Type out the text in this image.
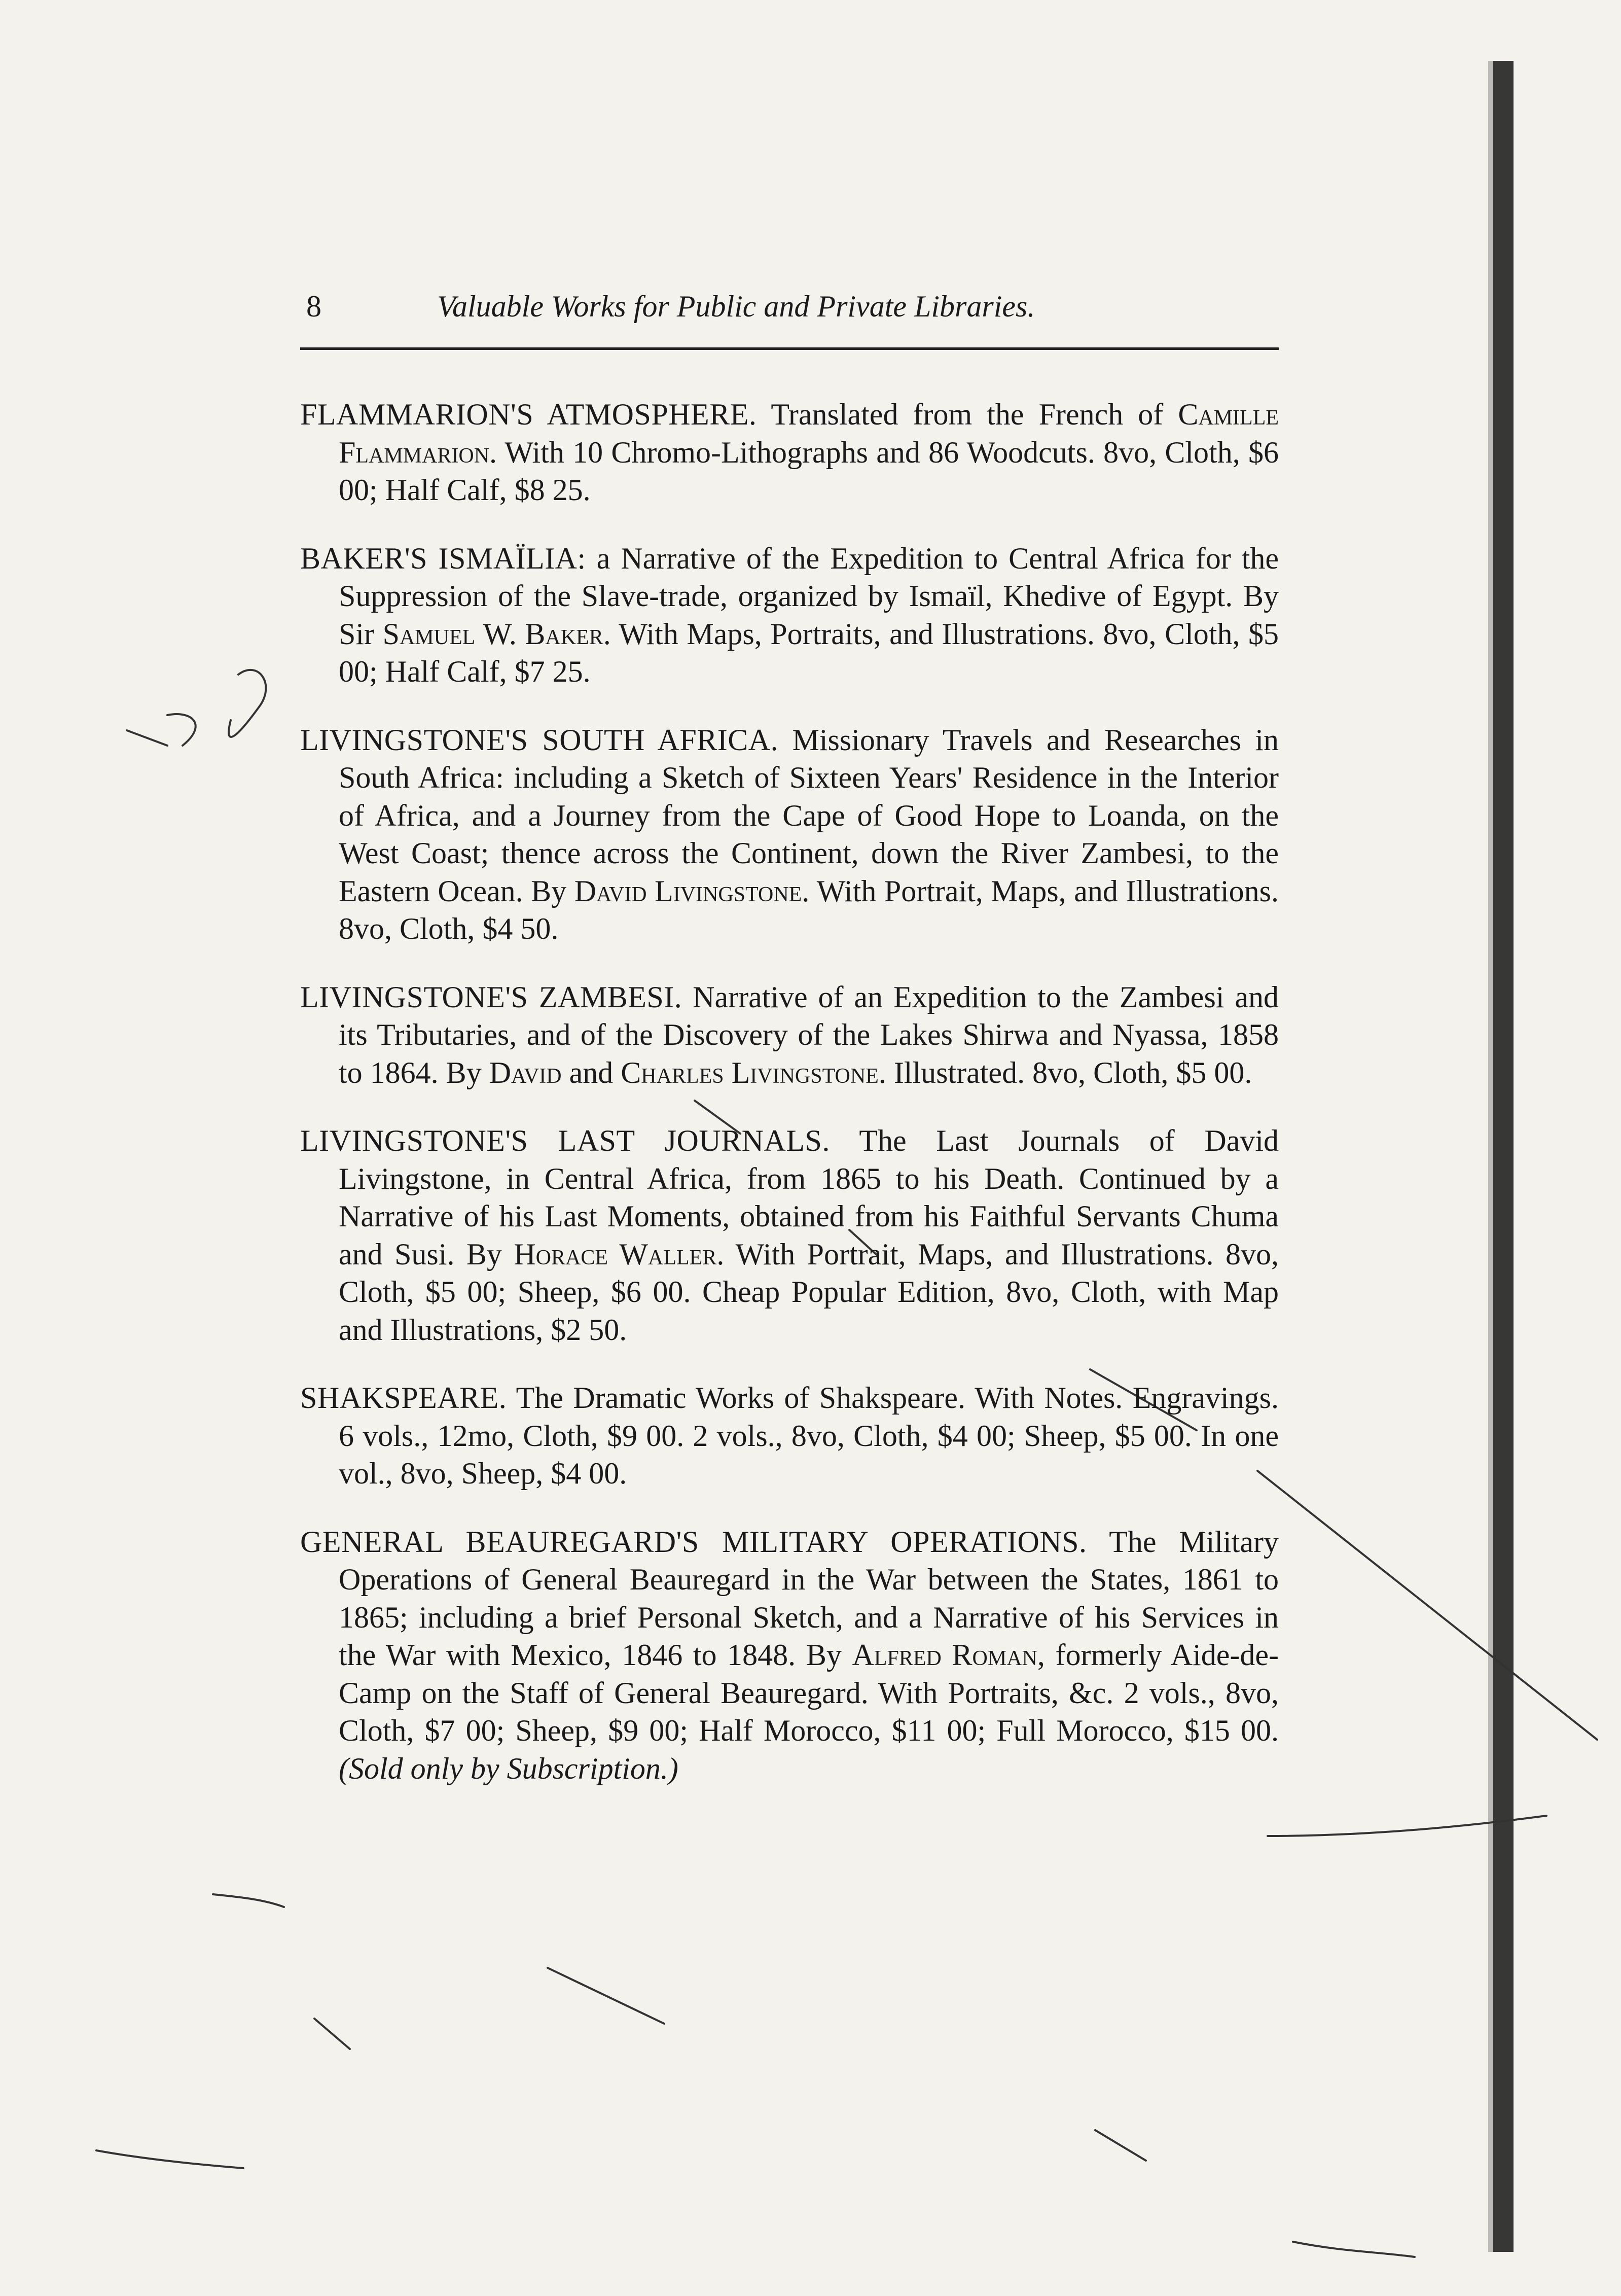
8	Valuable Works for Public and Private Libraries.

FLAMMARION'S ATMOSPHERE. Translated from the French of Camille Flammarion. With 10 Chromo-Lithographs and 86 Woodcuts. 8vo, Cloth, $6 00; Half Calf, $8 25.

BAKER'S ISMAÏLIA: a Narrative of the Expedition to Central Africa for the Suppression of the Slave-trade, organized by Ismaïl, Khedive of Egypt. By Sir Samuel W. Baker. With Maps, Portraits, and Illustrations. 8vo, Cloth, $5 00; Half Calf, $7 25.

LIVINGSTONE'S SOUTH AFRICA. Missionary Travels and Researches in South Africa: including a Sketch of Sixteen Years' Residence in the Interior of Africa, and a Journey from the Cape of Good Hope to Loanda, on the West Coast; thence across the Continent, down the River Zambesi, to the Eastern Ocean. By David Livingstone. With Portrait, Maps, and Illustrations. 8vo, Cloth, $4 50.

LIVINGSTONE'S ZAMBESI. Narrative of an Expedition to the Zambesi and its Tributaries, and of the Discovery of the Lakes Shirwa and Nyassa, 1858 to 1864. By David and Charles Livingstone. Illustrated. 8vo, Cloth, $5 00.

LIVINGSTONE'S LAST JOURNALS. The Last Journals of David Livingstone, in Central Africa, from 1865 to his Death. Continued by a Narrative of his Last Moments, obtained from his Faithful Servants Chuma and Susi. By Horace Waller. With Portrait, Maps, and Illustrations. 8vo, Cloth, $5 00; Sheep, $6 00. Cheap Popular Edition, 8vo, Cloth, with Map and Illustrations, $2 50.

SHAKSPEARE. The Dramatic Works of Shakspeare. With Notes. Engravings. 6 vols., 12mo, Cloth, $9 00. 2 vols., 8vo, Cloth, $4 00; Sheep, $5 00. In one vol., 8vo, Sheep, $4 00.

GENERAL BEAUREGARD'S MILITARY OPERATIONS. The Military Operations of General Beauregard in the War between the States, 1861 to 1865; including a brief Personal Sketch, and a Narrative of his Services in the War with Mexico, 1846 to 1848. By Alfred Roman, formerly Aide-de-Camp on the Staff of General Beauregard. With Portraits, &c. 2 vols., 8vo, Cloth, $7 00; Sheep, $9 00; Half Morocco, $11 00; Full Morocco, $15 00. (Sold only by Subscription.)
